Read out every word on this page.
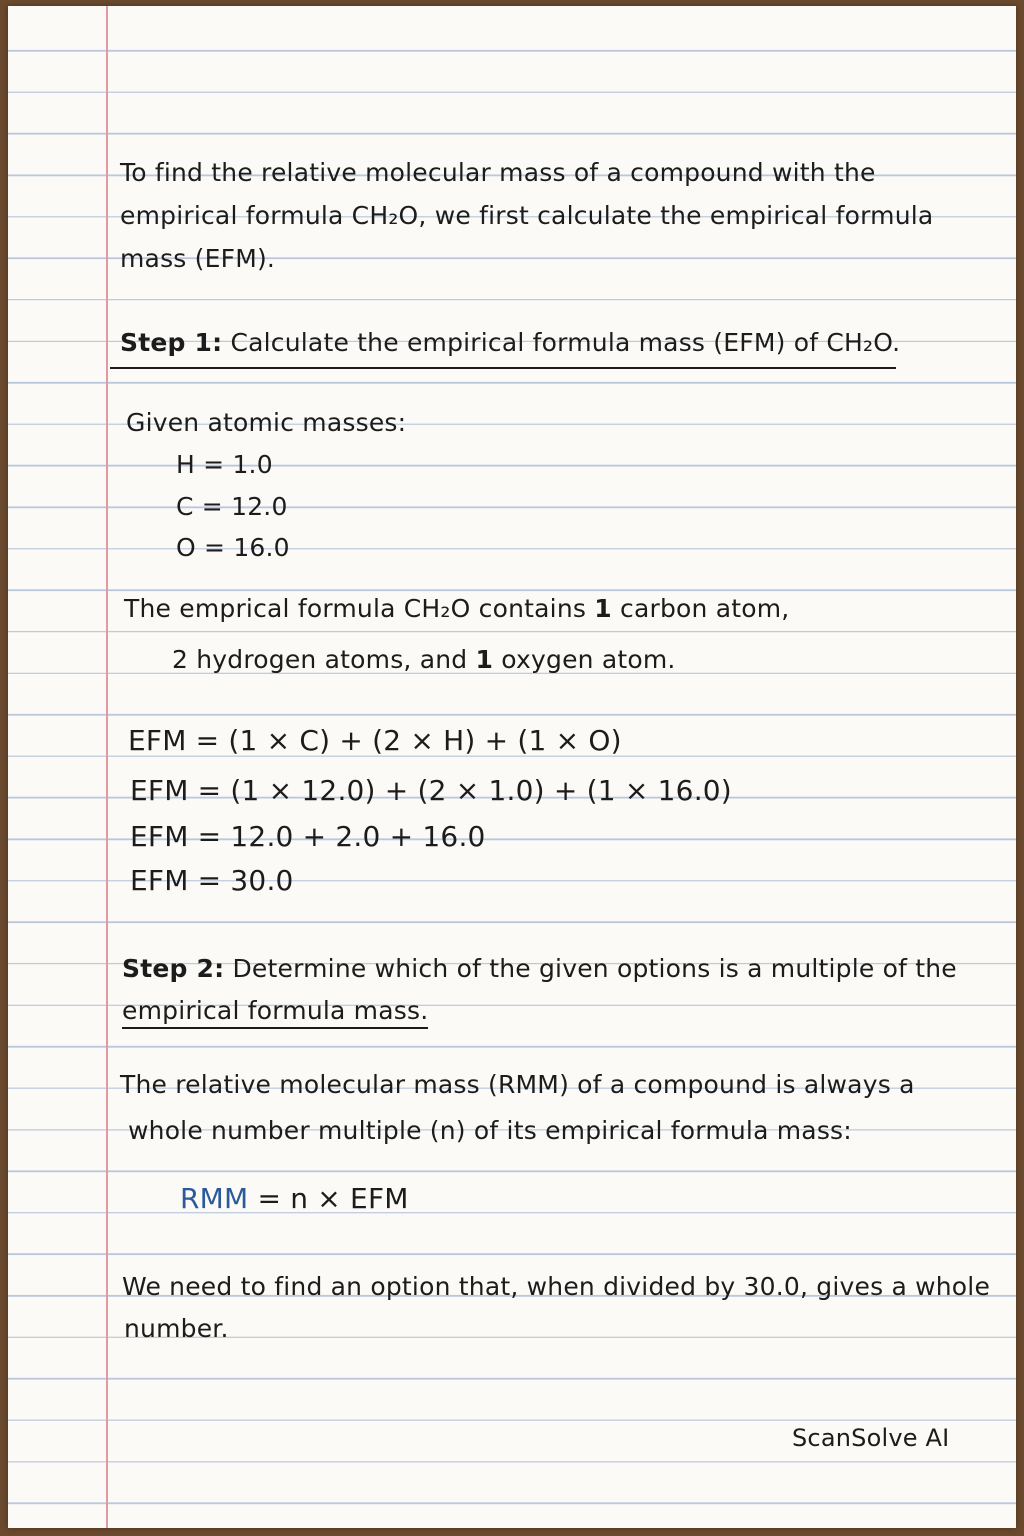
To find the relative molecular mass of a compound with the
empirical formula CH₂O, we first calculate the empirical formula
mass (EFM).
Step 1: Calculate the empirical formula mass (EFM) of CH₂O.
Given atomic masses:
H = 1.0
C = 12.0
O = 16.0
The emprical formula CH₂O contains 1 carbon atom,
2 hydrogen atoms, and 1 oxygen atom.
EFM = (1 × C) + (2 × H) + (1 × O)
EFM = (1 × 12.0) + (2 × 1.0) + (1 × 16.0)
EFM = 12.0 + 2.0 + 16.0
EFM = 30.0
Step 2: Determine which of the given options is a multiple of the
empirical formula mass.
The relative molecular mass (RMM) of a compound is always a
whole number multiple (n) of its empirical formula mass:
RMM = n × EFM
We need to find an option that, when divided by 30.0, gives a whole
number.
ScanSolve AI
